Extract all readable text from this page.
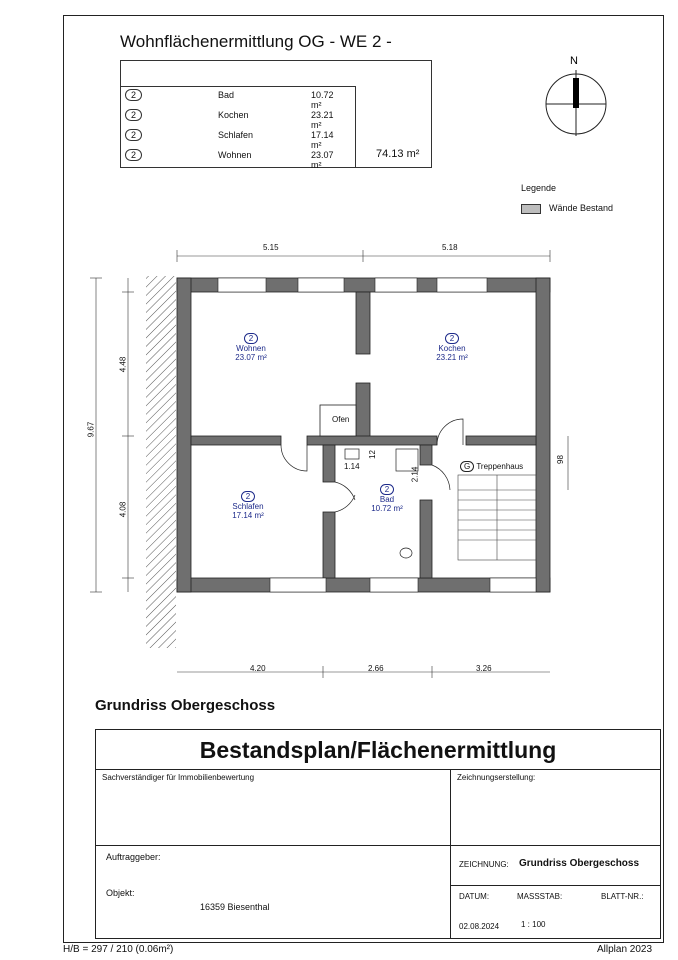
Wohnflächenermittlung OG - WE 2 -
2	Bad	10.72 m²
2	Kochen	23.21 m²
2	Schlafen	17.14 m²
2	Wohnen	23.07 m²
74.13 m²
N
Legende
Wände Bestand
5.15	5.18
9.67
4.48
4.08
4.20	2.66	3.26
98
2.14
1.14
12
Ofen
2
Wohnen
23.07 m²
2
Kochen
23.21 m²
2
Schlafen
17.14 m²
2
Bad
10.72 m²
G Treppenhaus
Grundriss Obergeschoss
Bestandsplan/Flächenermittlung
Sachverständiger für Immobilienbewertung	Zeichnungserstellung:
Auftraggeber:
Objekt:
16359 Biesenthal
ZEICHNUNG: Grundriss Obergeschoss
DATUM:	MASSSTAB:	BLATT-NR.:
02.08.2024	1 : 100
H/B = 297 / 210 (0.06m²)	Allplan 2023
